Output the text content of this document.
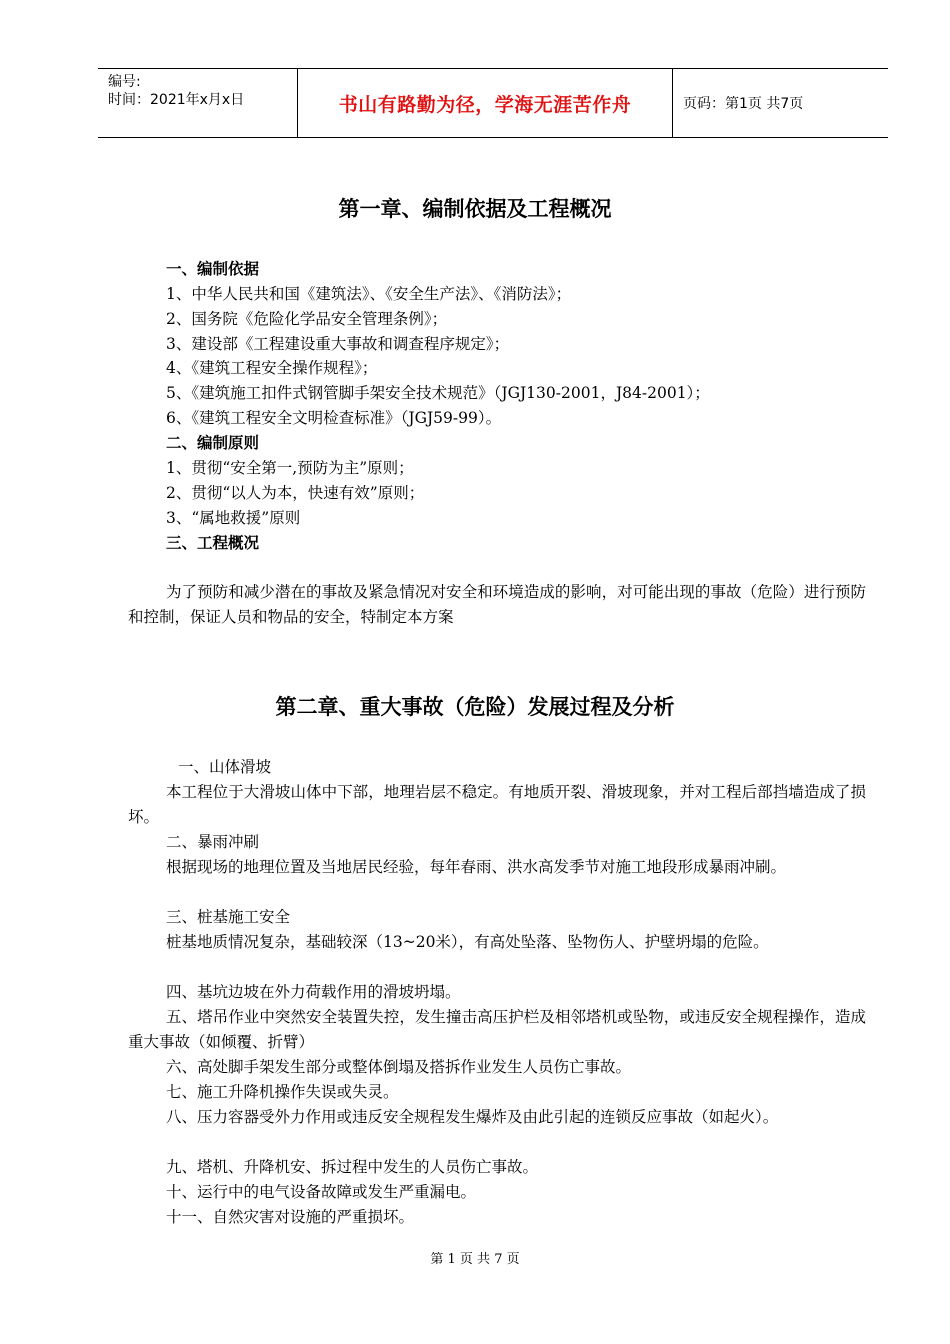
编号:
时间：2021年x月x日	书山有路勤为径，学海无涯苦作舟	页码：第1页 共7页
第一章、编制依据及工程概况

一、编制依据

1、中华人民共和国《建筑法》、《安全生产法》、《消防法》；

2、国务院《危险化学品安全管理条例》；

3、建设部《工程建设重大事故和调查程序规定》；

4、《建筑工程安全操作规程》；

5、《建筑施工扣件式钢管脚手架安全技术规范》（JGJ130-2001，J84-2001）；

6、《建筑工程安全文明检查标准》（JGJ59-99）。

二、编制原则

1、贯彻“安全第一,预防为主”原则；

2、贯彻“以人为本，快速有效”原则；

3、“属地救援”原则

三、工程概况

为了预防和减少潜在的事故及紧急情况对安全和环境造成的影响，对可能出现的事故（危险）进行预防和控制，保证人员和物品的安全，特制定本方案

第二章、重大事故（危险）发展过程及分析

一、山体滑坡

本工程位于大滑坡山体中下部，地理岩层不稳定。有地质开裂、滑坡现象，并对工程后部挡墙造成了损坏。

二、暴雨冲刷

根据现场的地理位置及当地居民经验，每年春雨、洪水高发季节对施工地段形成暴雨冲刷。

三、桩基施工安全

桩基地质情况复杂，基础较深（13~20米），有高处坠落、坠物伤人、护壁坍塌的危险。

四、基坑边坡在外力荷载作用的滑坡坍塌。

五、塔吊作业中突然安全装置失控，发生撞击高压护栏及相邻塔机或坠物，或违反安全规程操作，造成重大事故（如倾覆、折臂）

六、高处脚手架发生部分或整体倒塌及搭拆作业发生人员伤亡事故。

七、施工升降机操作失误或失灵。

八、压力容器受外力作用或违反安全规程发生爆炸及由此引起的连锁反应事故（如起火）。

九、塔机、升降机安、拆过程中发生的人员伤亡事故。

十、运行中的电气设备故障或发生严重漏电。

十一、自然灾害对设施的严重损坏。

第 1 页 共 7 页
